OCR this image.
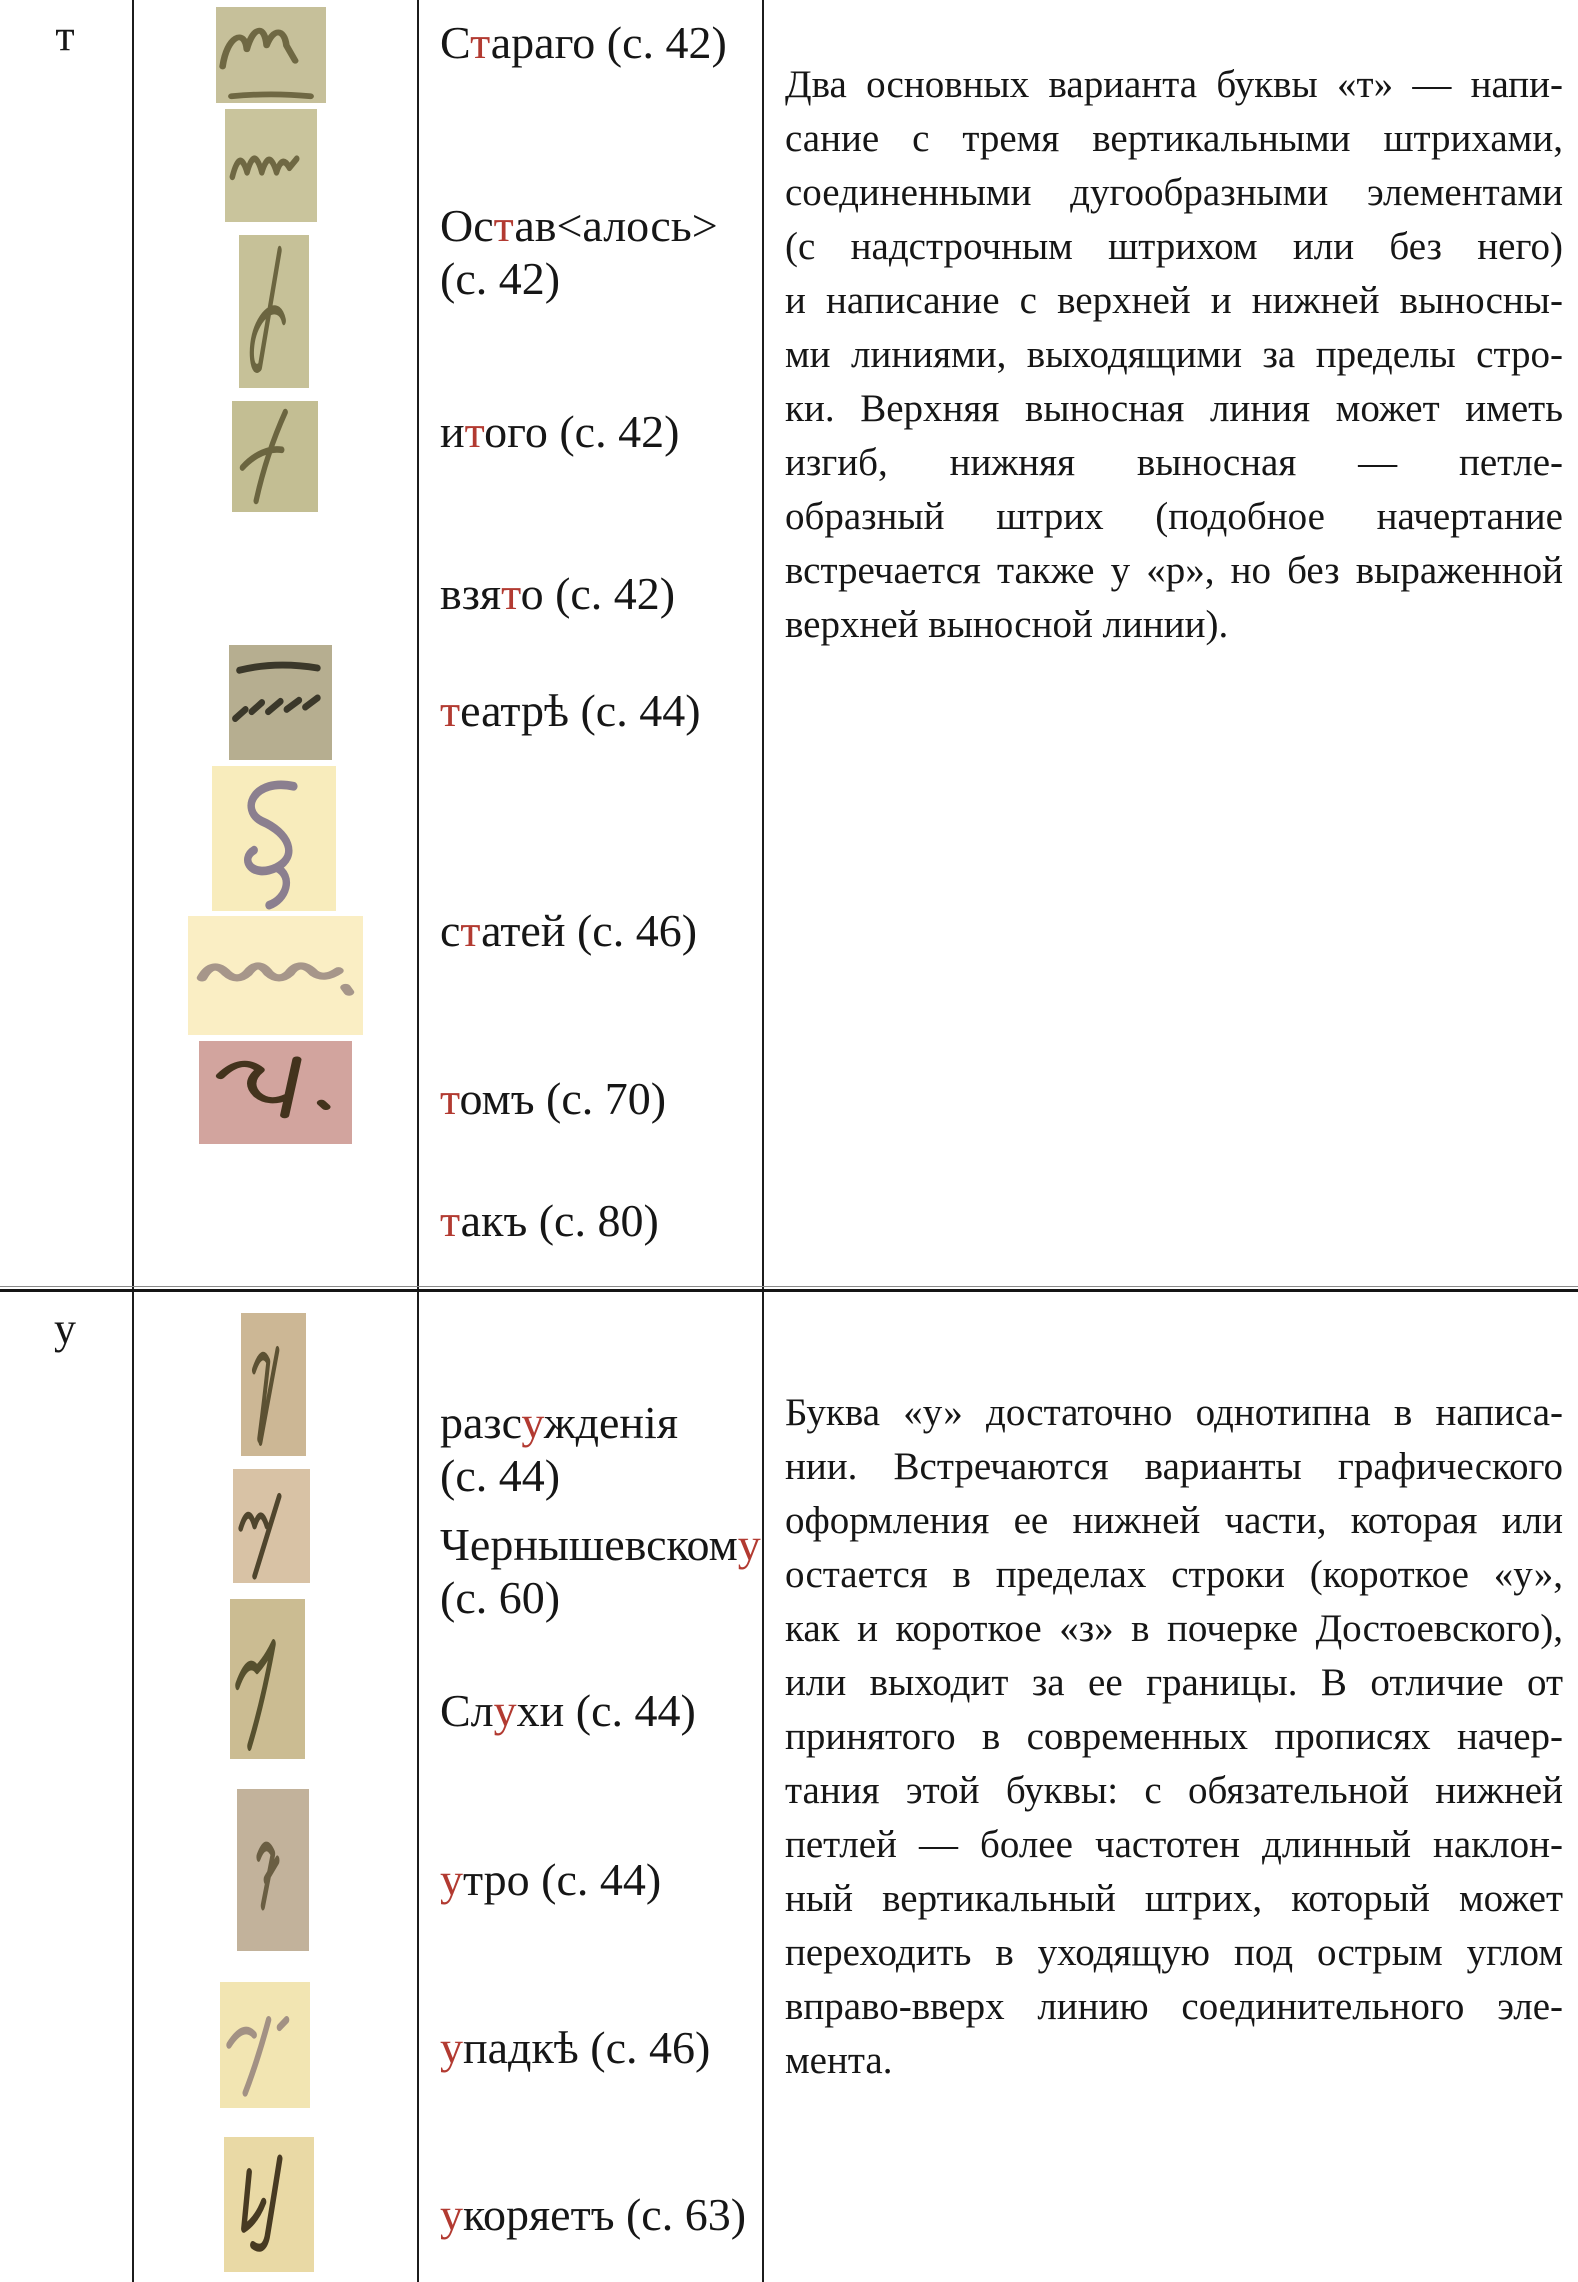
т	Стараго (с. 42)
Остав<алось>
(с. 42)
итого (с. 42)
взято (с. 42)
театрѣ (с. 44)
статей (с. 46)
томъ (с. 70)
такъ (с. 80)
Два основных варианта буквы «т» — напи-
сание с тремя вертикальными штрихами,
соединенными дугообразными элементами
(с надстрочным штрихом или без него)
и написание с верхней и нижней выносны-
ми линиями, выходящими за пределы стро-
ки. Верхняя выносная линия может иметь
изгиб, нижняя выносная — петле-
образный штрих (подобное начертание
встречается также у «р», но без выраженной
верхней выносной линии).
у
разсужденія
(с. 44)
Чернышевскому
(с. 60)
Слухи (с. 44)
утро (с. 44)
упадкѣ (с. 46)
укоряетъ (с. 63)
Буква «у» достаточно однотипна в написа-
нии. Встречаются варианты графического
оформления ее нижней части, которая или
остается в пределах строки (короткое «у»,
как и короткое «з» в почерке Достоевского),
или выходит за ее границы. В отличие от
принятого в современных прописях начер-
тания этой буквы: с обязательной нижней
петлей — более частотен длинный наклон-
ный вертикальный штрих, который может
переходить в уходящую под острым углом
вправо-вверх линию соединительного эле-
мента.
